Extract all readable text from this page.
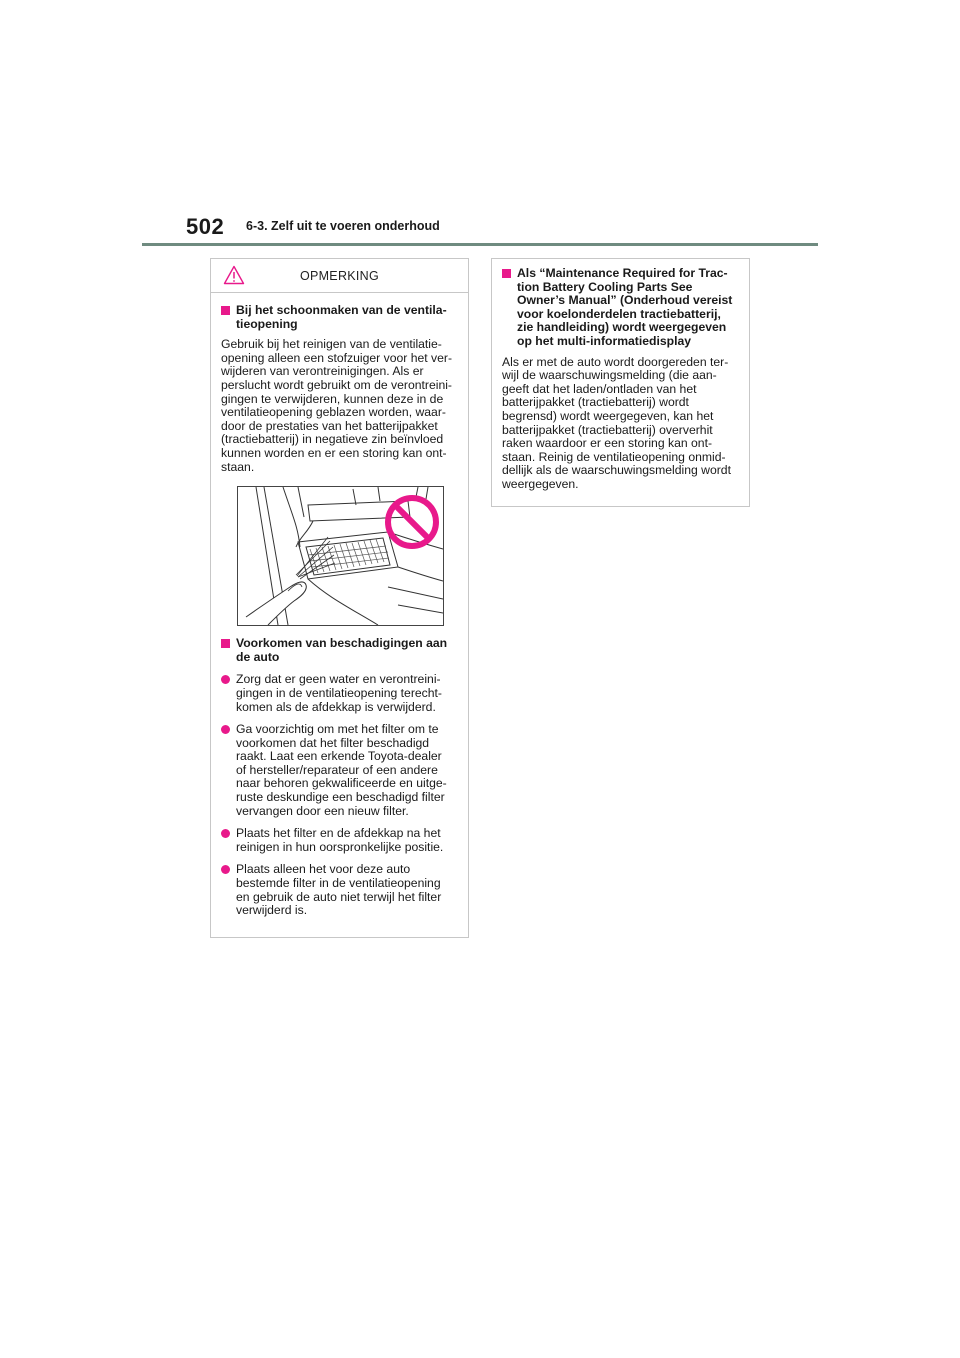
502 6-3. Zelf uit te voeren onderhoud
OPMERKING
Bij het schoonmaken van de ventila-
tieopening
Gebruik bij het reinigen van de ventilatie-
opening alleen een stofzuiger voor het ver-
wijderen van verontreinigingen. Als er
perslucht wordt gebruikt om de verontreini-
gingen te verwijderen, kunnen deze in de
ventilatieopening geblazen worden, waar-
door de prestaties van het batterijpakket
(tractiebatterij) in negatieve zin beïnvloed
kunnen worden en er een storing kan ont-
staan.
Voorkomen van beschadigingen aan
de auto
Zorg dat er geen water en verontreini-
gingen in de ventilatieopening terecht-
komen als de afdekkap is verwijderd.
Ga voorzichtig om met het filter om te
voorkomen dat het filter beschadigd
raakt. Laat een erkende Toyota-dealer
of hersteller/reparateur of een andere
naar behoren gekwalificeerde en uitge-
ruste deskundige een beschadigd filter
vervangen door een nieuw filter.
Plaats het filter en de afdekkap na het
reinigen in hun oorspronkelijke positie.
Plaats alleen het voor deze auto
bestemde filter in de ventilatieopening
en gebruik de auto niet terwijl het filter
verwijderd is.
Als “Maintenance Required for Trac-
tion Battery Cooling Parts See
Owner’s Manual” (Onderhoud vereist
voor koelonderdelen tractiebatterij,
zie handleiding) wordt weergegeven
op het multi-informatiedisplay
Als er met de auto wordt doorgereden ter-
wijl de waarschuwingsmelding (die aan-
geeft dat het laden/ontladen van het
batterijpakket (tractiebatterij) wordt
begrensd) wordt weergegeven, kan het
batterijpakket (tractiebatterij) oververhit
raken waardoor er een storing kan ont-
staan. Reinig de ventilatieopening onmid-
dellijk als de waarschuwingsmelding wordt
weergegeven.
